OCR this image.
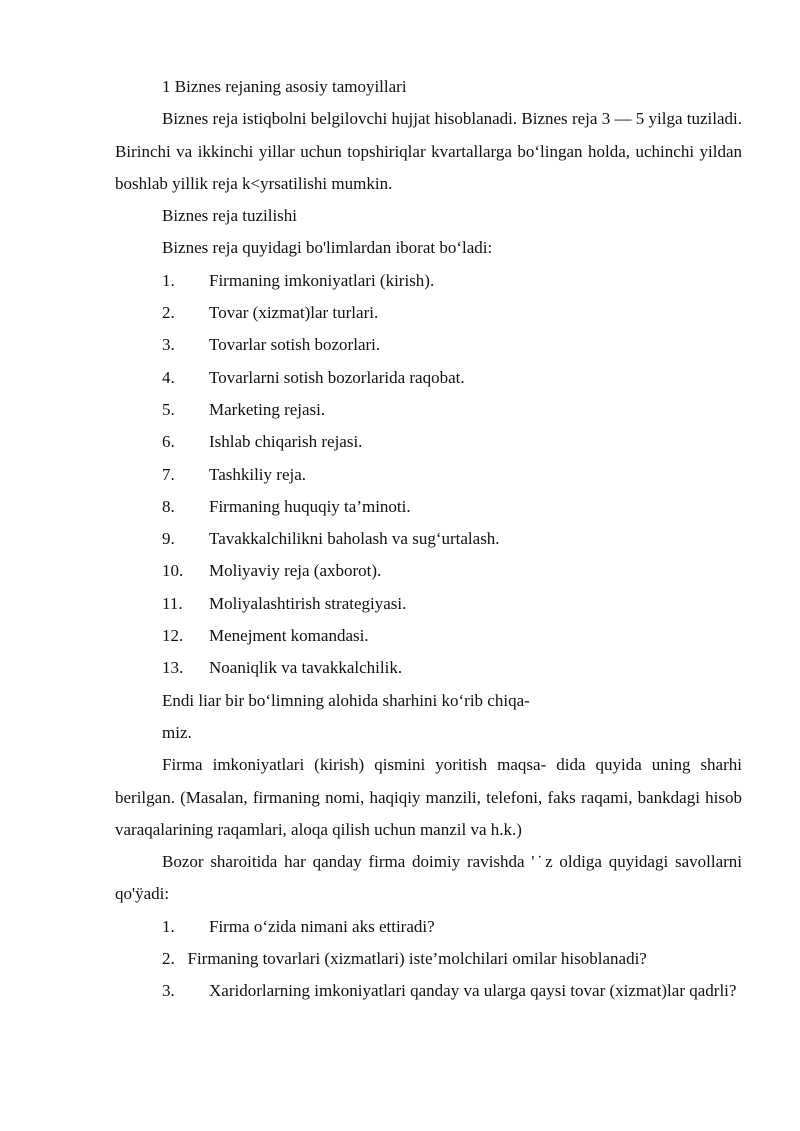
1 Biznes rejaning asosiy tamoyillari

Biznes reja istiqbolni belgilovchi hujjat hisoblanadi. Biznes reja 3 — 5 yilga tuziladi. Birinchi va ikkinchi yillar uchun topshiriqlar kvartallarga bo‘lingan holda, uchinchi yildan boshlab yillik reja k<yrsatilishi mumkin.

Biznes reja tuzilishi

Biznes reja quyidagi bo'limlardan iborat bo‘ladi:

1.	Firmaning imkoniyatlari (kirish).
2.	Tovar (xizmat)lar turlari.
3.	Tovarlar sotish bozorlari.
4.	Tovarlarni sotish bozorlarida raqobat.
5.	Marketing rejasi.
6.	Ishlab chiqarish rejasi.
7.	Tashkiliy reja.
8.	Firmaning huquqiy ta’minoti.
9.	Tavakkalchilikni baholash va sug‘urtalash.
10.	Moliyaviy reja (axborot).
11.	Moliyalashtirish strategiyasi.
12.	Menejment komandasi.
13.	Noaniqlik va tavakkalchilik.

Endi liar bir bo‘limning alohida sharhini ko‘rib chiqa-

miz.

Firma imkoniyatlari (kirish) qismini yoritish maqsa- dida quyida uning sharhi berilgan. (Masalan, firmaning nomi, haqiqiy manzili, telefoni, faks raqami, bankdagi hisob varaqalarining raqamlari, aloqa qilish uchun manzil va h.k.)

Bozor sharoitida har qanday firma doimiy ravishda '˙z oldiga quyidagi savollarni qo'ÿadi:

1.	Firma o‘zida nimani aks ettiradi?

2. Firmaning tovarlari (xizmatlari) iste’molchilari omilar hisoblanadi?

3. Xaridorlarning imkoniyatlari qanday va ularga qaysi tovar (xizmat)lar qadrli?
